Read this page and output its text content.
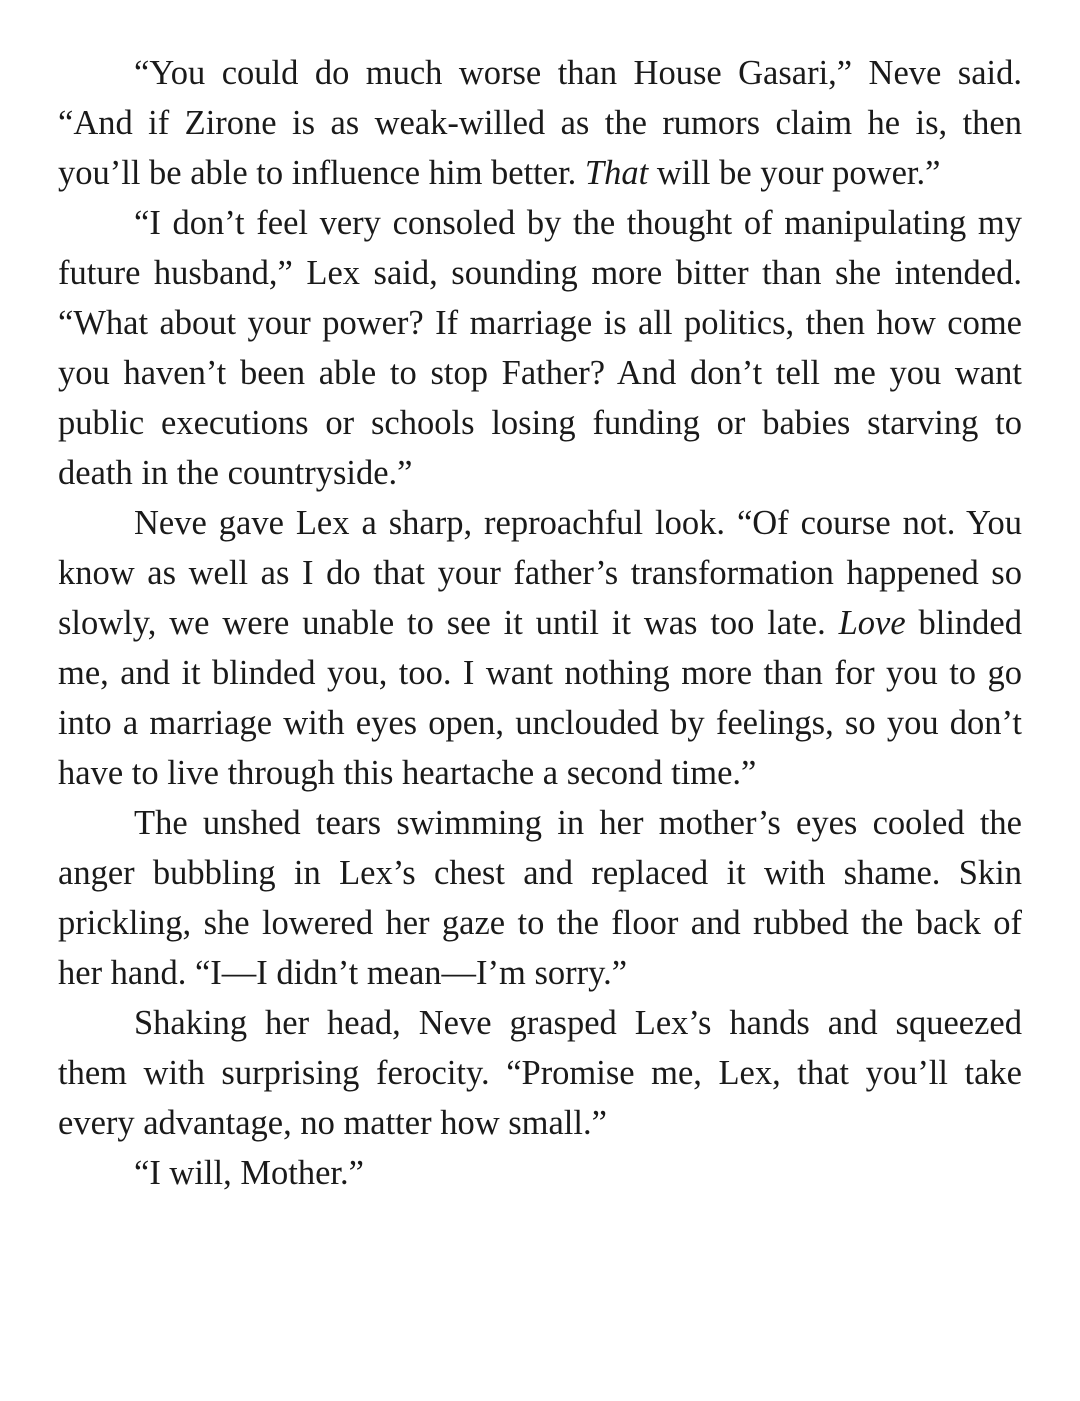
“You could do much worse than House Gasari,” Neve said. “And if Zirone is as weak-willed as the rumors claim he is, then you’ll be able to influence him better. That will be your power.”

“I don’t feel very consoled by the thought of manipulating my future husband,” Lex said, sounding more bitter than she intended. “What about your power? If marriage is all politics, then how come you haven’t been able to stop Father? And don’t tell me you want public executions or schools losing funding or babies starving to death in the countryside.”

Neve gave Lex a sharp, reproachful look. “Of course not. You know as well as I do that your father’s transformation happened so slowly, we were unable to see it until it was too late. Love blinded me, and it blinded you, too. I want nothing more than for you to go into a marriage with eyes open, unclouded by feelings, so you don’t have to live through this heartache a second time.”

The unshed tears swimming in her mother’s eyes cooled the anger bubbling in Lex’s chest and replaced it with shame. Skin prickling, she lowered her gaze to the floor and rubbed the back of her hand. “I—I didn’t mean—I’m sorry.”

Shaking her head, Neve grasped Lex’s hands and squeezed them with surprising ferocity. “Promise me, Lex, that you’ll take every advantage, no matter how small.”

“I will, Mother.”
